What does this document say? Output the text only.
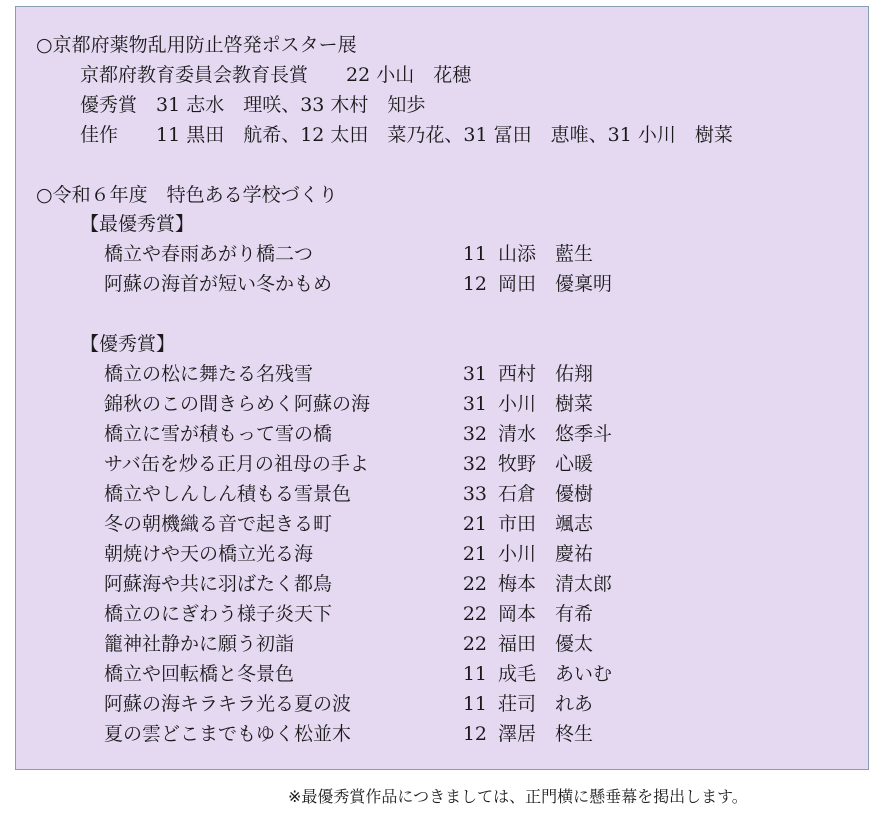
○京都府薬物乱用防止啓発ポスター展
京都府教育委員会教育長賞　　22 小山　花穂
優秀賞　31 志水　理咲、33 木村　知歩
佳作　　11 黒田　航希、12 太田　菜乃花、31 冨田　恵唯、31 小川　樹菜
○令和６年度　特色ある学校づくり
【最優秀賞】
橋立や春雨あがり橋二つ	11 山添　藍生
阿蘇の海首が短い冬かもめ	12 岡田　優稟明
【優秀賞】
橋立の松に舞たる名残雪	31 西村　佑翔
錦秋のこの間きらめく阿蘇の海	31 小川　樹菜
橋立に雪が積もって雪の橋	32 清水　悠季斗
サバ缶を炒る正月の祖母の手よ	32 牧野　心暖
橋立やしんしん積もる雪景色	33 石倉　優樹
冬の朝機織る音で起きる町	21 市田　颯志
朝焼けや天の橋立光る海	21 小川　慶祐
阿蘇海や共に羽ばたく都鳥	22 梅本　清太郎
橋立のにぎわう様子炎天下	22 岡本　有希
籠神社静かに願う初詣	22 福田　優太
橋立や回転橋と冬景色	11 成毛　あいむ
阿蘇の海キラキラ光る夏の波	11 荘司　れあ
夏の雲どこまでもゆく松並木	12 澤居　柊生
※最優秀賞作品につきましては、正門横に懸垂幕を掲出します。
